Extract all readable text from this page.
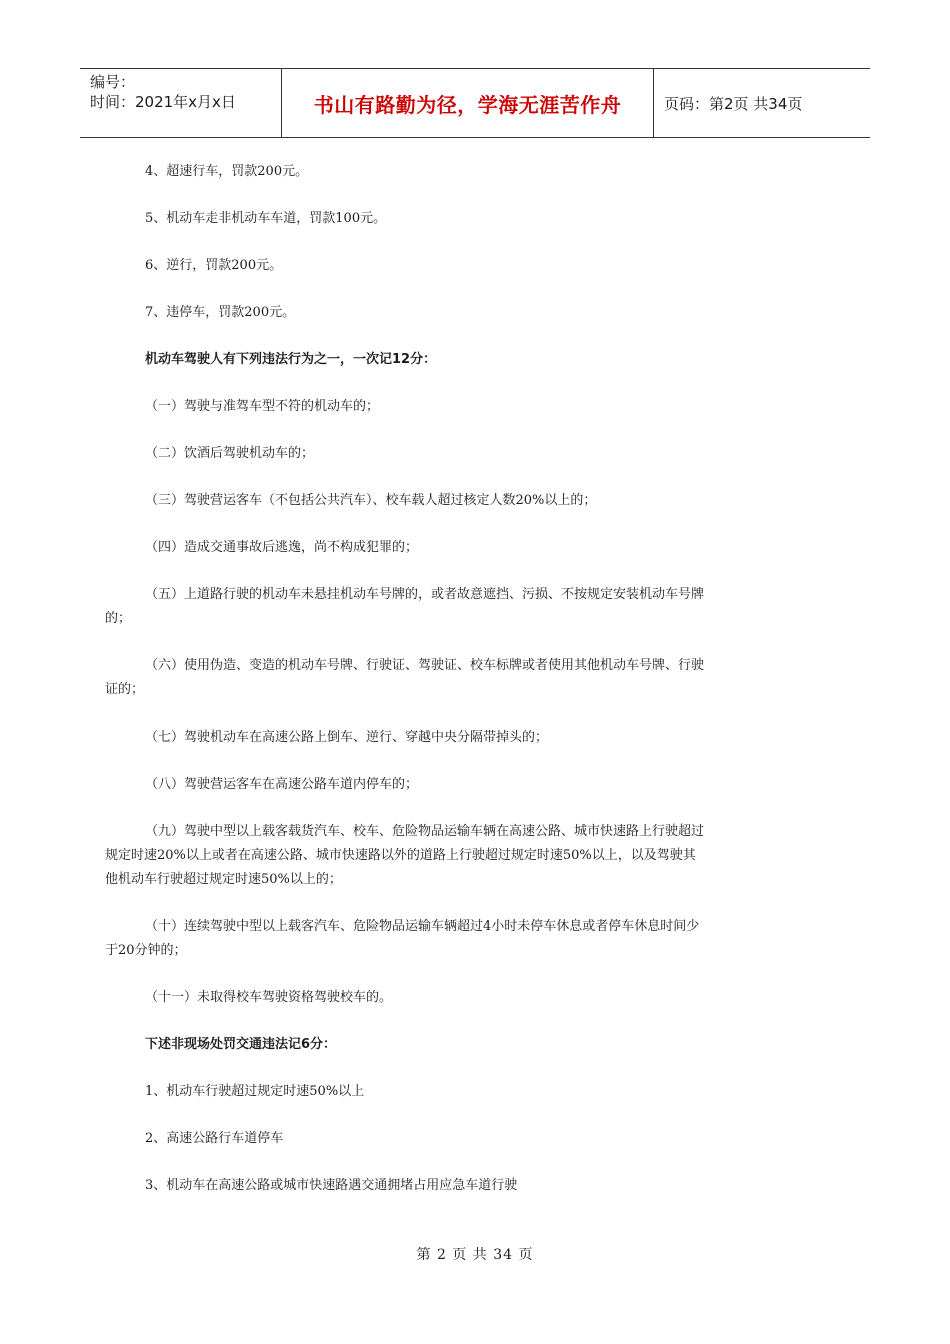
编号：
时间：2021年x月x日	书山有路勤为径，学海无涯苦作舟	页码：第2页 共34页
4、超速行车，罚款200元。
5、机动车走非机动车车道，罚款100元。
6、逆行，罚款200元。
7、违停车，罚款200元。
机动车驾驶人有下列违法行为之一，一次记12分：
（一）驾驶与准驾车型不符的机动车的；
（二）饮酒后驾驶机动车的；
（三）驾驶营运客车（不包括公共汽车）、校车载人超过核定人数20%以上的；
（四）造成交通事故后逃逸，尚不构成犯罪的；
（五）上道路行驶的机动车未悬挂机动车号牌的，或者故意遮挡、污损、不按规定安装机动车号牌
的；
（六）使用伪造、变造的机动车号牌、行驶证、驾驶证、校车标牌或者使用其他机动车号牌、行驶
证的；
（七）驾驶机动车在高速公路上倒车、逆行、穿越中央分隔带掉头的；
（八）驾驶营运客车在高速公路车道内停车的；
（九）驾驶中型以上载客载货汽车、校车、危险物品运输车辆在高速公路、城市快速路上行驶超过
规定时速20%以上或者在高速公路、城市快速路以外的道路上行驶超过规定时速50%以上，以及驾驶其
他机动车行驶超过规定时速50%以上的；
（十）连续驾驶中型以上载客汽车、危险物品运输车辆超过4小时未停车休息或者停车休息时间少
于20分钟的；
（十一）未取得校车驾驶资格驾驶校车的。
下述非现场处罚交通违法记6分：
1、机动车行驶超过规定时速50%以上
2、高速公路行车道停车
3、机动车在高速公路或城市快速路遇交通拥堵占用应急车道行驶
第 2 页 共 34 页
